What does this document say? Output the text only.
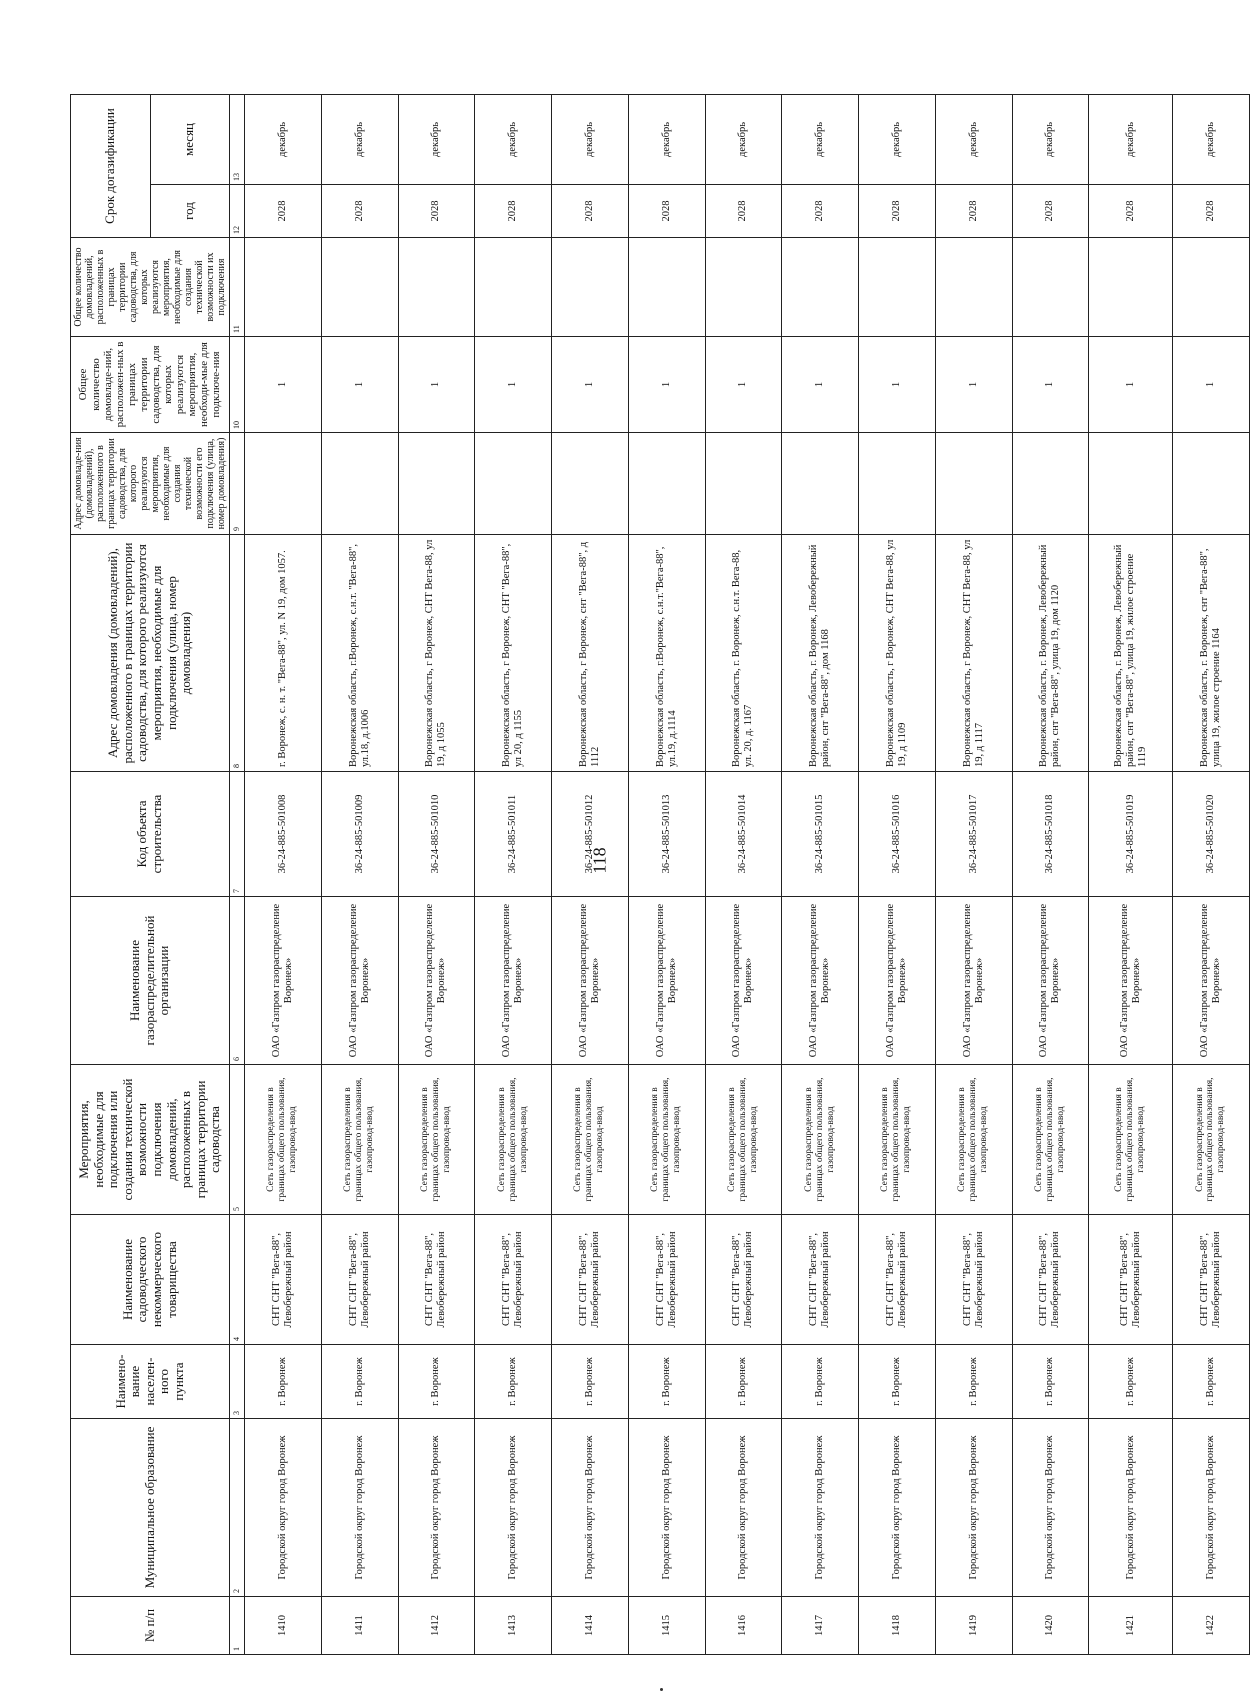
118
№ п/п	Муниципальное образование	Наимено-вание населен-ного пункта	Наименование садоводческого некоммерческого товарищества	Мероприятия, необходимые для подключения или создания технической возможности подключения домовладений, расположенных в границах территории садоводства	Наименование газораспределительной организации	Код объекта строительства	Адрес домовладения (домовладений), расположенного в границах территории садоводства, для которого реализуются мероприятия, необходимые для подключения (улица, номер домовладения)	Адрес домовладе-ния (домовладений), расположенного в границах территории садоводства, для которого реализуются мероприятия, необходимые для создания технической возможности его подключения (улица, номер домовладения)	Общее количество домовладе-ний, расположен-ных в границах территории садоводства, для которых реализуются мероприятия, необходи-мые для подключе-ния	Общее количество домовладений, расположенных в границах территории садоводства, для которых реализуются мероприятия, необходимые для создания технической возможности их подключения	Срок догазификации	
											год	месяц
1	2	3	4	5	6	7	8	9	10	11	12	13
1410	Городской округ город Воронеж	г. Воронеж	СНТ СНТ "Вега-88", Левобережный район	Сеть газораспределения в границах общего пользования, газопровод-ввод	ОАО «Газпром газораспределение Воронеж»	36-24-885-501008	г. Воронеж, с. н. т. "Вега-88", ул. N 19, дом 1057.		1		2028	декабрь
1411	Городской округ город Воронеж	г. Воронеж	СНТ СНТ "Вега-88", Левобережный район	Сеть газораспределения в границах общего пользования, газопровод-ввод	ОАО «Газпром газораспределение Воронеж»	36-24-885-501009	Воронежская область, г.Воронеж, с.н.т. "Вега-88", ул.18, д.1006		1		2028	декабрь
1412	Городской округ город Воронеж	г. Воронеж	СНТ СНТ "Вега-88", Левобережный район	Сеть газораспределения в границах общего пользования, газопровод-ввод	ОАО «Газпром газораспределение Воронеж»	36-24-885-501010	Воронежская область, г Воронеж, СНТ Вега-88, ул 19, д 1055		1		2028	декабрь
1413	Городской округ город Воронеж	г. Воронеж	СНТ СНТ "Вега-88", Левобережный район	Сеть газораспределения в границах общего пользования, газопровод-ввод	ОАО «Газпром газораспределение Воронеж»	36-24-885-501011	Воронежская область, г Воронеж, СНТ "Вега-88", ул 20, д 1155		1		2028	декабрь
1414	Городской округ город Воронеж	г. Воронеж	СНТ СНТ "Вега-88", Левобережный район	Сеть газораспределения в границах общего пользования, газопровод-ввод	ОАО «Газпром газораспределение Воронеж»	36-24-885-501012	Воронежская область, г Воронеж, снт "Вега-88", д 1112		1		2028	декабрь
1415	Городской округ город Воронеж	г. Воронеж	СНТ СНТ "Вега-88", Левобережный район	Сеть газораспределения в границах общего пользования, газопровод-ввод	ОАО «Газпром газораспределение Воронеж»	36-24-885-501013	Воронежская область, г.Воронеж, с.н.т."Вега-88", ул.19, д.1114		1		2028	декабрь
1416	Городской округ город Воронеж	г. Воронеж	СНТ СНТ "Вега-88", Левобережный район	Сеть газораспределения в границах общего пользования, газопровод-ввод	ОАО «Газпром газораспределение Воронеж»	36-24-885-501014	Воронежская область, г. Воронеж, с.н.т. Вега-88, ул. 20, д. 1167		1		2028	декабрь
1417	Городской округ город Воронеж	г. Воронеж	СНТ СНТ "Вега-88", Левобережный район	Сеть газораспределения в границах общего пользования, газопровод-ввод	ОАО «Газпром газораспределение Воронеж»	36-24-885-501015	Воронежская область, г. Воронеж, Левобережный район, снт "Вега-88", дом 1168		1		2028	декабрь
1418	Городской округ город Воронеж	г. Воронеж	СНТ СНТ "Вега-88", Левобережный район	Сеть газораспределения в границах общего пользования, газопровод-ввод	ОАО «Газпром газораспределение Воронеж»	36-24-885-501016	Воронежская область, г Воронеж, СНТ Вега-88, ул 19, д 1109		1		2028	декабрь
1419	Городской округ город Воронеж	г. Воронеж	СНТ СНТ "Вега-88", Левобережный район	Сеть газораспределения в границах общего пользования, газопровод-ввод	ОАО «Газпром газораспределение Воронеж»	36-24-885-501017	Воронежская область, г Воронеж, СНТ Вега-88, ул 19, д 1117		1		2028	декабрь
1420	Городской округ город Воронеж	г. Воронеж	СНТ СНТ "Вега-88", Левобережный район	Сеть газораспределения в границах общего пользования, газопровод-ввод	ОАО «Газпром газораспределение Воронеж»	36-24-885-501018	Воронежская область, г. Воронеж, Левобережный район, снт "Вега-88", улица 19, дом 1120		1		2028	декабрь
1421	Городской округ город Воронеж	г. Воронеж	СНТ СНТ "Вега-88", Левобережный район	Сеть газораспределения в границах общего пользования, газопровод-ввод	ОАО «Газпром газораспределение Воронеж»	36-24-885-501019	Воронежская область, г. Воронеж, Левобережный район, снт "Вега-88", улица 19, жилое строение 1119		1		2028	декабрь
1422	Городской округ город Воронеж	г. Воронеж	СНТ СНТ "Вега-88", Левобережный район	Сеть газораспределения в границах общего пользования, газопровод-ввод	ОАО «Газпром газораспределение Воронеж»	36-24-885-501020	Воронежская область, г. Воронеж, снт "Вега-88", улица 19, жилое строение 1164		1		2028	декабрь
